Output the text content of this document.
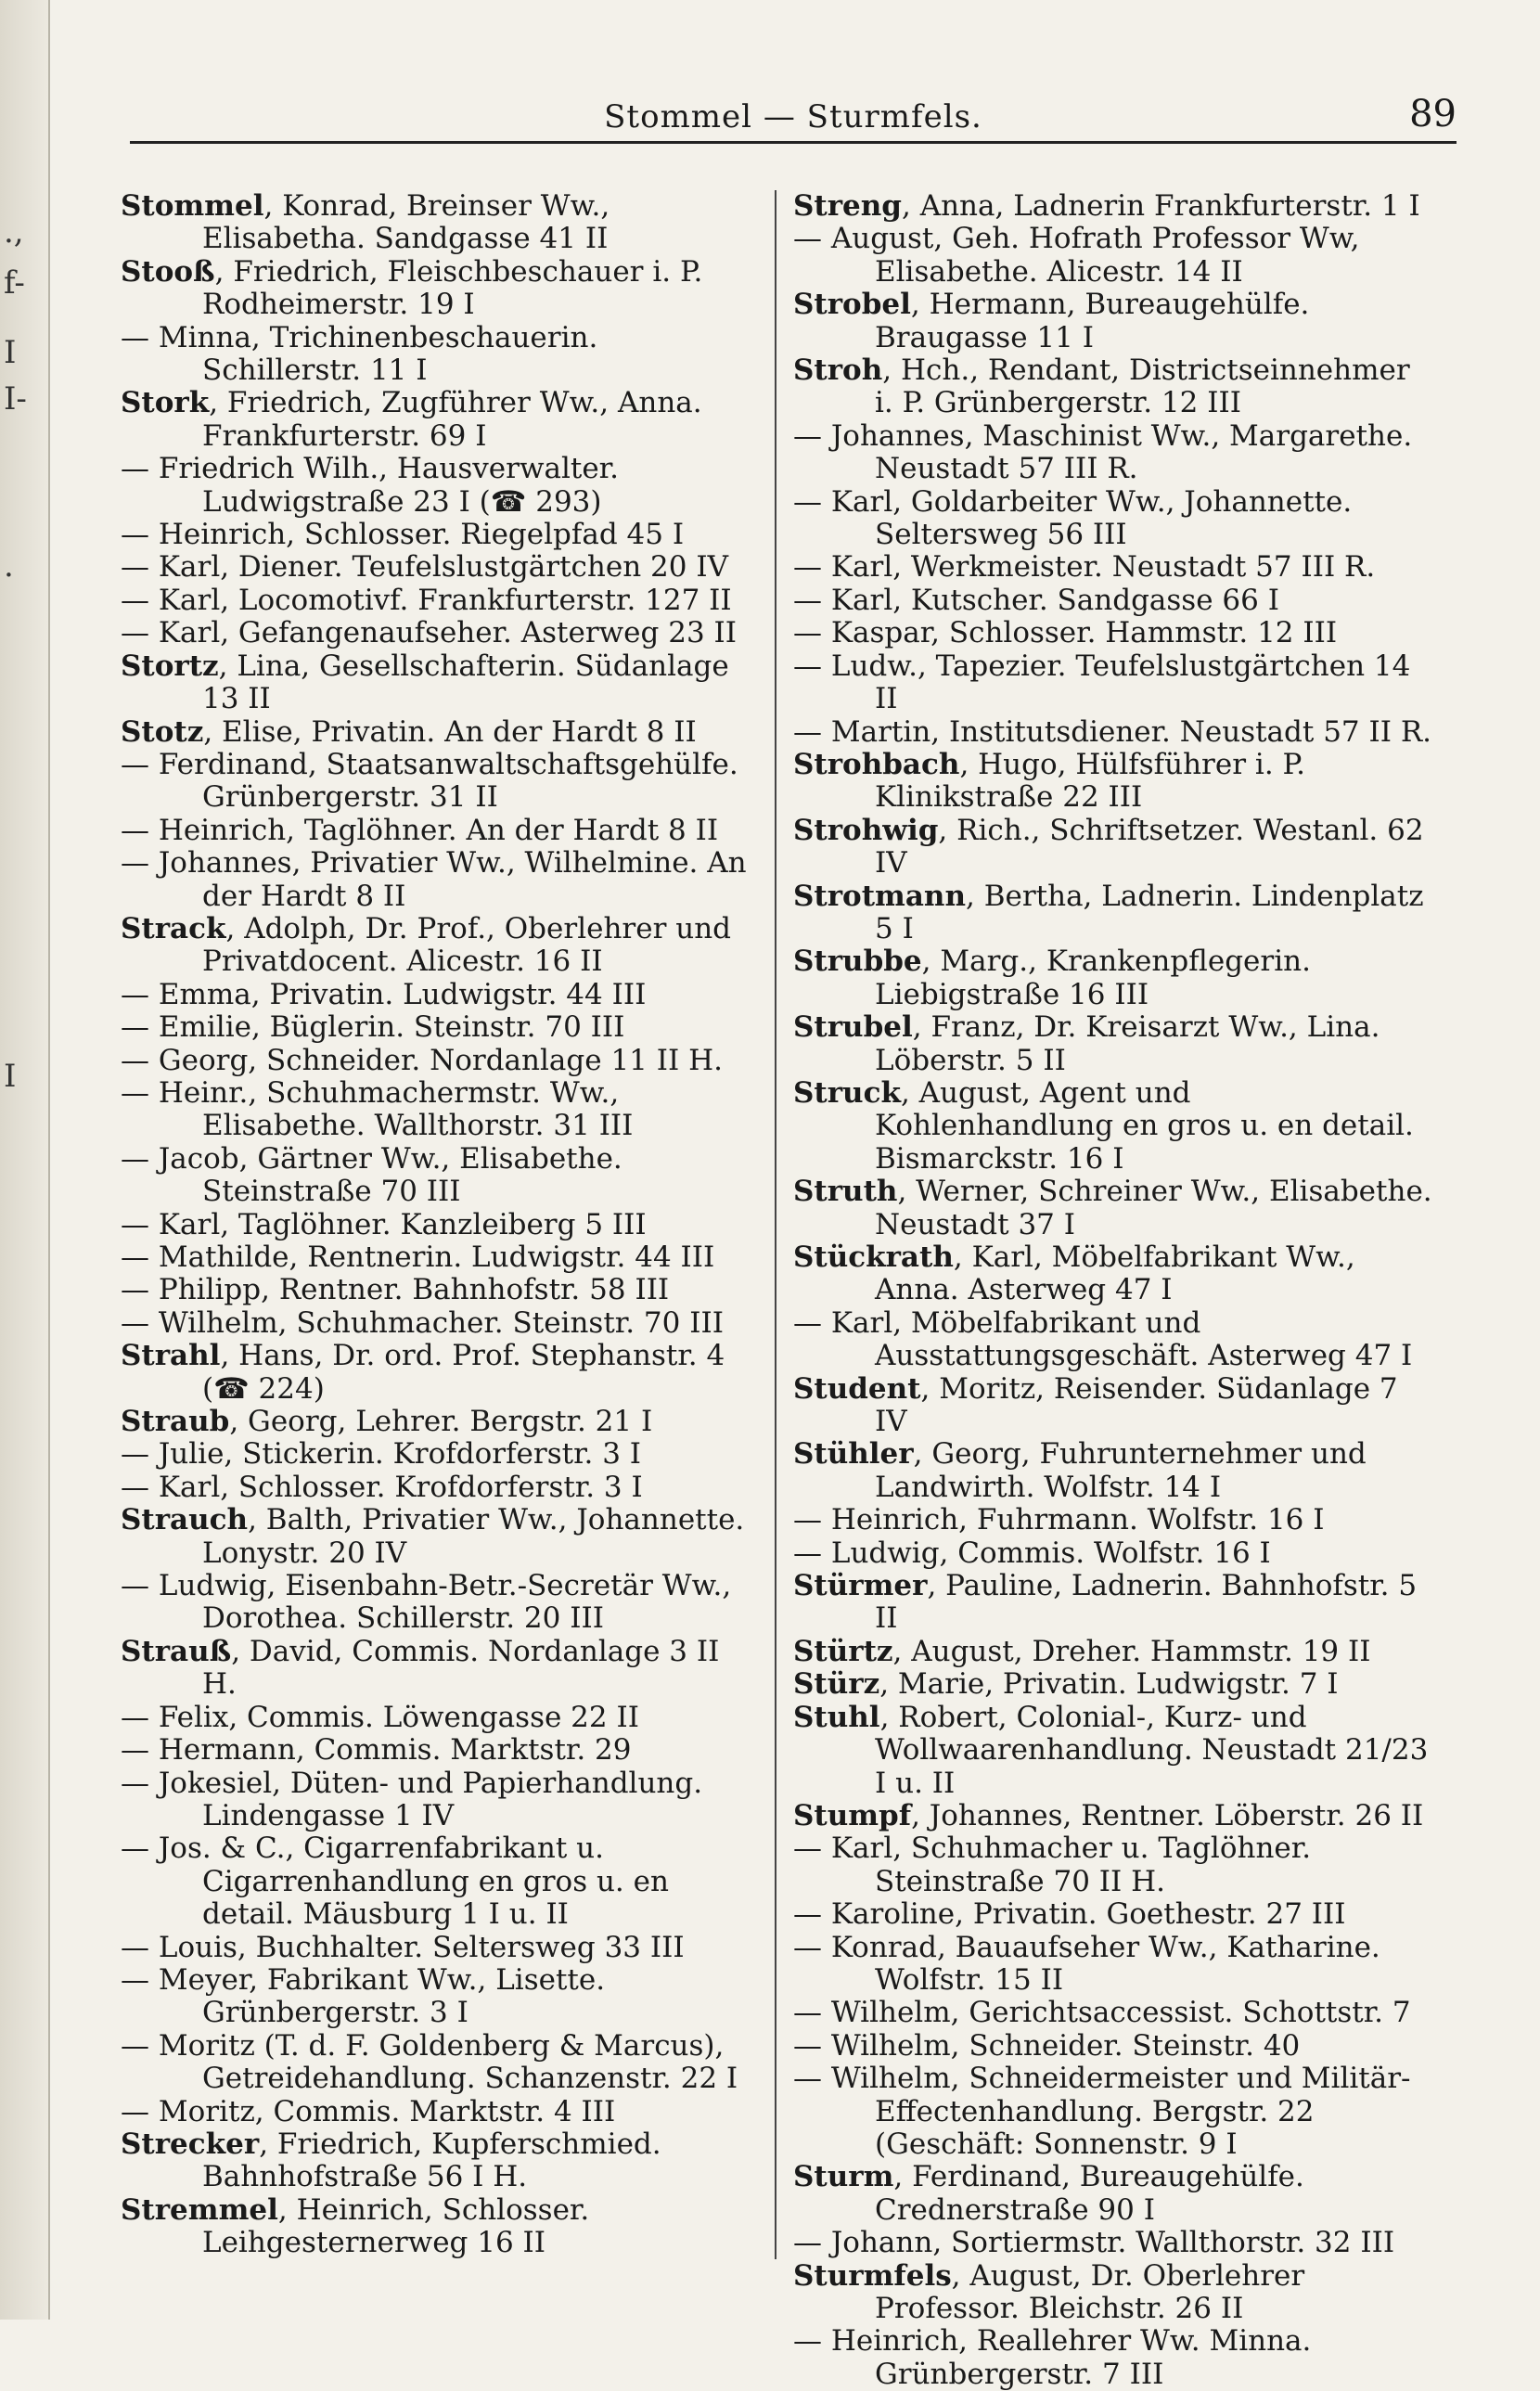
.,
f-
I
I-
.
I
Stommel — Sturmfels.	89
Stommel, Konrad, Breinser Ww., Elisabetha. Sandgasse 41 II
Stooß, Friedrich, Fleischbeschauer i. P. Rodheimerstr. 19 I
— Minna, Trichinenbeschauerin. Schillerstr. 11 I
Stork, Friedrich, Zugführer Ww., Anna. Frankfurterstr. 69 I
— Friedrich Wilh., Hausverwalter. Ludwigstraße 23 I (☎ 293)
— Heinrich, Schlosser. Riegelpfad 45 I
— Karl, Diener. Teufelslustgärtchen 20 IV
— Karl, Locomotivf. Frankfurterstr. 127 II
— Karl, Gefangenaufseher. Asterweg 23 II
Stortz, Lina, Gesellschafterin. Südanlage 13 II
Stotz, Elise, Privatin. An der Hardt 8 II
— Ferdinand, Staatsanwaltschaftsgehülfe. Grünbergerstr. 31 II
— Heinrich, Taglöhner. An der Hardt 8 II
— Johannes, Privatier Ww., Wilhelmine. An der Hardt 8 II
Strack, Adolph, Dr. Prof., Oberlehrer und Privatdocent. Alicestr. 16 II
— Emma, Privatin. Ludwigstr. 44 III
— Emilie, Büglerin. Steinstr. 70 III
— Georg, Schneider. Nordanlage 11 II H.
— Heinr., Schuhmachermstr. Ww., Elisabethe. Wallthorstr. 31 III
— Jacob, Gärtner Ww., Elisabethe. Steinstraße 70 III
— Karl, Taglöhner. Kanzleiberg 5 III
— Mathilde, Rentnerin. Ludwigstr. 44 III
— Philipp, Rentner. Bahnhofstr. 58 III
— Wilhelm, Schuhmacher. Steinstr. 70 III
Strahl, Hans, Dr. ord. Prof. Stephanstr. 4 (☎ 224)
Straub, Georg, Lehrer. Bergstr. 21 I
— Julie, Stickerin. Krofdorferstr. 3 I
— Karl, Schlosser. Krofdorferstr. 3 I
Strauch, Balth, Privatier Ww., Johannette. Lonystr. 20 IV
— Ludwig, Eisenbahn-Betr.-Secretär Ww., Dorothea. Schillerstr. 20 III
Strauß, David, Commis. Nordanlage 3 II H.
— Felix, Commis. Löwengasse 22 II
— Hermann, Commis. Marktstr. 29
— Jokesiel, Düten- und Papierhandlung. Lindengasse 1 IV
— Jos. & C., Cigarrenfabrikant u. Cigarrenhandlung en gros u. en detail. Mäusburg 1 I u. II
— Louis, Buchhalter. Seltersweg 33 III
— Meyer, Fabrikant Ww., Lisette. Grünbergerstr. 3 I
— Moritz (T. d. F. Goldenberg & Marcus), Getreidehandlung. Schanzenstr. 22 I
— Moritz, Commis. Marktstr. 4 III
Strecker, Friedrich, Kupferschmied. Bahnhofstraße 56 I H.
Stremmel, Heinrich, Schlosser. Leihgesternerweg 16 II
Streng, Anna, Ladnerin Frankfurterstr. 1 I
— August, Geh. Hofrath Professor Ww, Elisabethe. Alicestr. 14 II
Strobel, Hermann, Bureaugehülfe. Braugasse 11 I
Stroh, Hch., Rendant, Districtseinnehmer i. P. Grünbergerstr. 12 III
— Johannes, Maschinist Ww., Margarethe. Neustadt 57 III R.
— Karl, Goldarbeiter Ww., Johannette. Seltersweg 56 III
— Karl, Werkmeister. Neustadt 57 III R.
— Karl, Kutscher. Sandgasse 66 I
— Kaspar, Schlosser. Hammstr. 12 III
— Ludw., Tapezier. Teufelslustgärtchen 14 II
— Martin, Institutsdiener. Neustadt 57 II R.
Strohbach, Hugo, Hülfsführer i. P. Klinikstraße 22 III
Strohwig, Rich., Schriftsetzer. Westanl. 62 IV
Strotmann, Bertha, Ladnerin. Lindenplatz 5 I
Strubbe, Marg., Krankenpflegerin. Liebigstraße 16 III
Strubel, Franz, Dr. Kreisarzt Ww., Lina. Löberstr. 5 II
Struck, August, Agent und Kohlenhandlung en gros u. en detail. Bismarckstr. 16 I
Struth, Werner, Schreiner Ww., Elisabethe. Neustadt 37 I
Stückrath, Karl, Möbelfabrikant Ww., Anna. Asterweg 47 I
— Karl, Möbelfabrikant und Ausstattungsgeschäft. Asterweg 47 I
Student, Moritz, Reisender. Südanlage 7 IV
Stühler, Georg, Fuhrunternehmer und Landwirth. Wolfstr. 14 I
— Heinrich, Fuhrmann. Wolfstr. 16 I
— Ludwig, Commis. Wolfstr. 16 I
Stürmer, Pauline, Ladnerin. Bahnhofstr. 5 II
Stürtz, August, Dreher. Hammstr. 19 II
Stürz, Marie, Privatin. Ludwigstr. 7 I
Stuhl, Robert, Colonial-, Kurz- und Wollwaarenhandlung. Neustadt 21/23 I u. II
Stumpf, Johannes, Rentner. Löberstr. 26 II
— Karl, Schuhmacher u. Taglöhner. Steinstraße 70 II H.
— Karoline, Privatin. Goethestr. 27 III
— Konrad, Bauaufseher Ww., Katharine. Wolfstr. 15 II
— Wilhelm, Gerichtsaccessist. Schottstr. 7
— Wilhelm, Schneider. Steinstr. 40
— Wilhelm, Schneidermeister und Militär-Effectenhandlung. Bergstr. 22 (Geschäft: Sonnenstr. 9 I
Sturm, Ferdinand, Bureaugehülfe. Crednerstraße 90 I
— Johann, Sortiermstr. Wallthorstr. 32 III
Sturmfels, August, Dr. Oberlehrer Professor. Bleichstr. 26 II
— Heinrich, Reallehrer Ww. Minna. Grünbergerstr. 7 III
